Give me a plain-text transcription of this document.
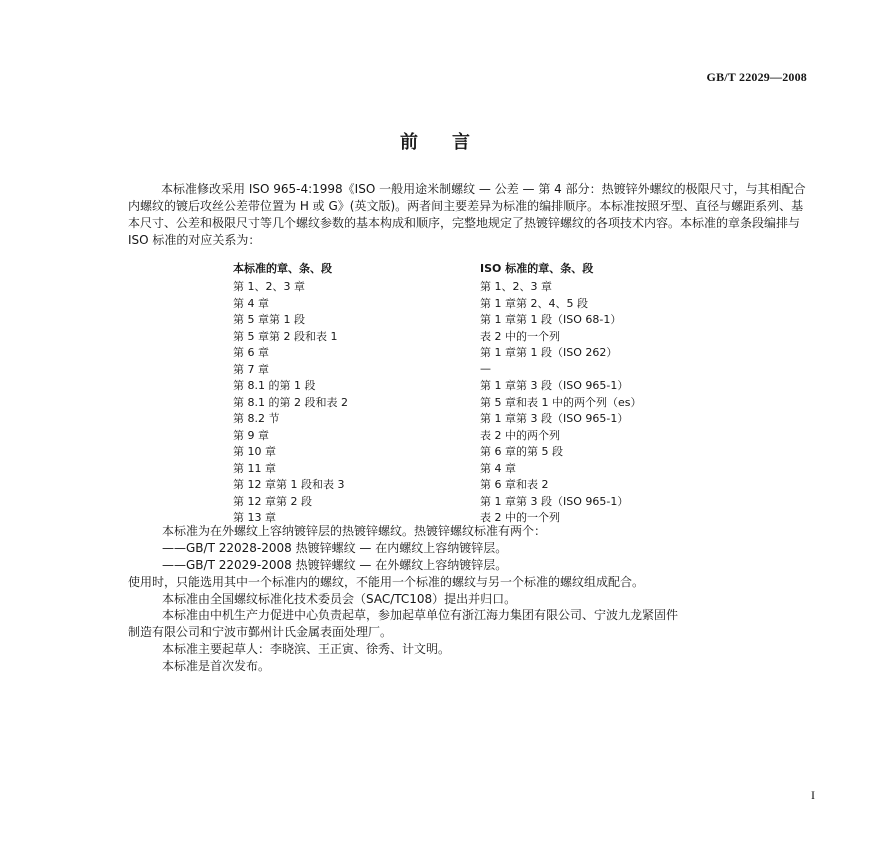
GB/T 22029—2008
前言

本标准修改采用 ISO 965-4:1998《ISO 一般用途米制螺纹 — 公差 — 第 4 部分：热镀锌外螺纹的极限尺寸，与其相配合内螺纹的镀后攻丝公差带位置为 H 或 G》(英文版)。两者间主要差异为标准的编排顺序。本标准按照牙型、直径与螺距系列、基本尺寸、公差和极限尺寸等几个螺纹参数的基本构成和顺序，完整地规定了热镀锌螺纹的各项技术内容。本标准的章条段编排与 ISO 标准的对应关系为：

本标准的章、条、段	ISO 标准的章、条、段
第 1、2、3 章	第 1、2、3 章
第 4 章	第 1 章第 2、4、5 段
第 5 章第 1 段	第 1 章第 1 段（ISO 68-1）
第 5 章第 2 段和表 1	表 2 中的一个列
第 6 章	第 1 章第 1 段（ISO 262）
第 7 章	—
第 8.1 的第 1 段	第 1 章第 3 段（ISO 965-1）
第 8.1 的第 2 段和表 2	第 5 章和表 1 中的两个列（es）
第 8.2 节	第 1 章第 3 段（ISO 965-1）
第 9 章	表 2 中的两个列
第 10 章	第 6 章的第 5 段
第 11 章	第 4 章
第 12 章第 1 段和表 3	第 6 章和表 2
第 12 章第 2 段	第 1 章第 3 段（ISO 965-1）
第 13 章	表 2 中的一个列
本标准为在外螺纹上容纳镀锌层的热镀锌螺纹。热镀锌螺纹标准有两个：
——GB/T 22028-2008 热镀锌螺纹 — 在内螺纹上容纳镀锌层。
——GB/T 22029-2008 热镀锌螺纹 — 在外螺纹上容纳镀锌层。
使用时，只能选用其中一个标准内的螺纹，不能用一个标准的螺纹与另一个标准的螺纹组成配合。
本标准由全国螺纹标准化技术委员会（SAC/TC108）提出并归口。
本标准由中机生产力促进中心负责起草，参加起草单位有浙江海力集团有限公司、宁波九龙紧固件
制造有限公司和宁波市鄞州计氏金属表面处理厂。
本标准主要起草人：李晓滨、王正寅、徐秀、计文明。
本标准是首次发布。
I
